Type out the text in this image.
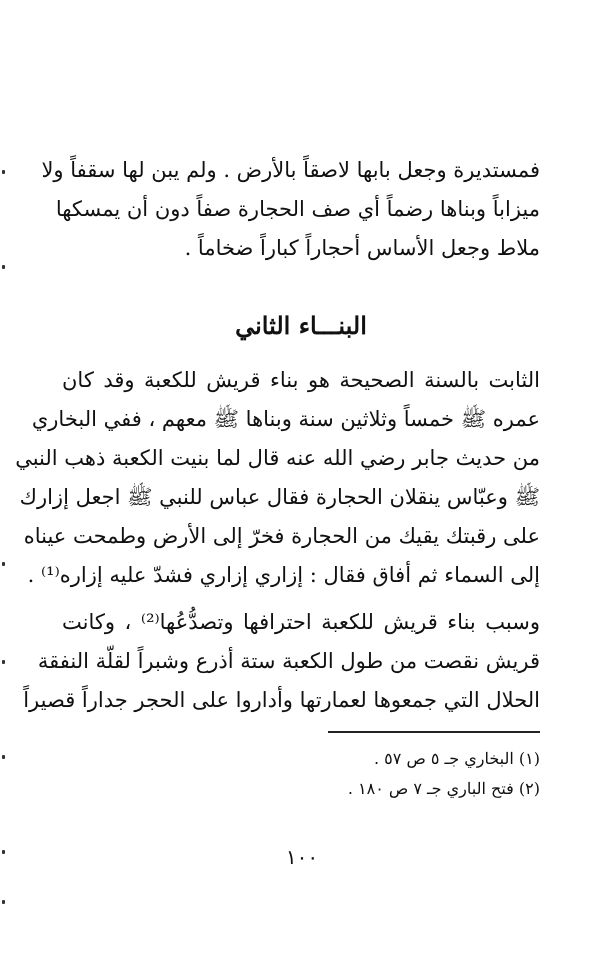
فمستديرة وجعل بابها لاصقاً بالأرض . ولم يبن لها سقفاً ولا
ميزاباً وبناها رضماً أي صف الحجارة صفاً دون أن يمسكها
ملاط وجعل الأساس أحجاراً كباراً ضخاماً .
البنـــاء الثاني
الثابت بالسنة الصحيحة هو بناء قريش للكعبة وقد كان
عمره ﷺ خمساً وثلاثين سنة وبناها ﷺ معهم ، ففي البخاري
من حديث جابر رضي الله عنه قال لما بنيت الكعبة ذهب النبي
ﷺ وعبّاس ينقلان الحجارة فقال عباس للنبي ﷺ اجعل إزارك
على رقبتك يقيك من الحجارة فخرّ إلى الأرض وطمحت عيناه
إلى السماء ثم أفاق فقال : إزاري إزاري فشدّ عليه إزاره⁽¹⁾ .
وسبب بناء قريش للكعبة احترافها وتصدُّعُها⁽²⁾ ، وكانت
قريش نقصت من طول الكعبة ستة أذرع وشبراً لقلّة النفقة
الحلال التي جمعوها لعمارتها وأداروا على الحجر جداراً قصيراً
(١) البخاري جـ ٥ ص ٥٧ .
(٢) فتح الباري جـ ٧ ص ١٨٠ .
١٠٠
